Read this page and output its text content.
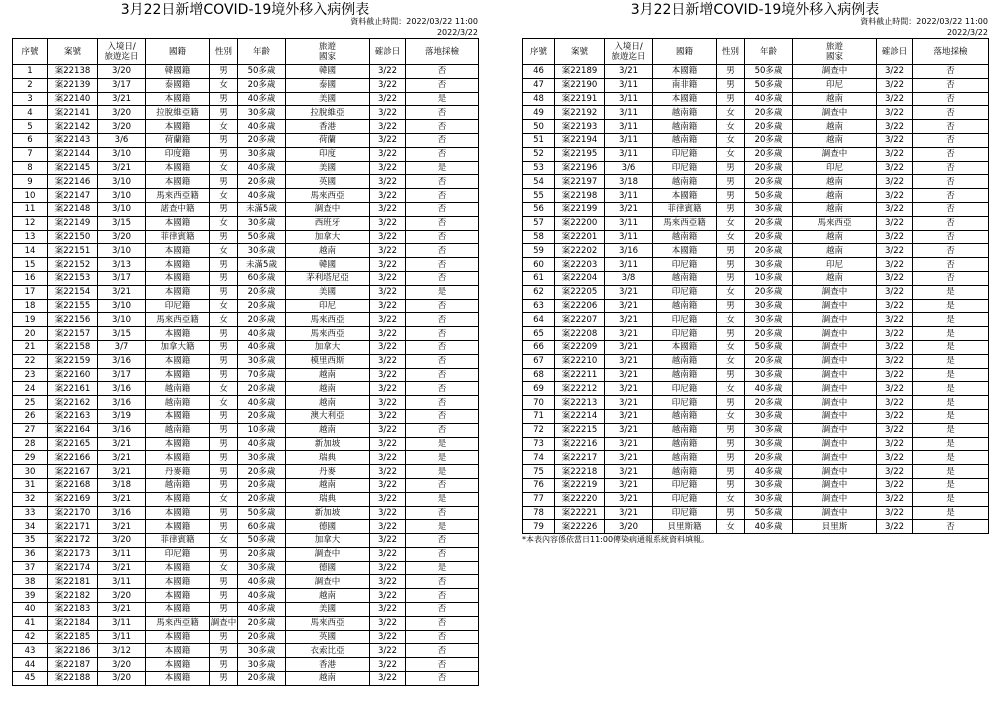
3月22日新增COVID-19境外移入病例表
資料截止時間：2022/03/22 11:00
2022/3/22
序號	案號	入境日/
旅遊迄日	國籍	性別	年齡	旅遊
國家	確診日	落地採檢
1	案22138	3/20	韓國籍	男	50多歲	韓國	3/22	否
2	案22139	3/17	泰國籍	女	20多歲	泰國	3/22	否
3	案22140	3/21	本國籍	男	40多歲	美國	3/22	是
4	案22141	3/20	拉脫維亞籍	男	30多歲	拉脫維亞	3/22	否
5	案22142	3/20	本國籍	女	40多歲	香港	3/22	否
6	案22143	3/6	荷蘭籍	男	20多歲	荷蘭	3/22	否
7	案22144	3/10	印度籍	男	30多歲	印度	3/22	否
8	案22145	3/21	本國籍	女	40多歲	美國	3/22	是
9	案22146	3/10	本國籍	男	20多歲	英國	3/22	否
10	案22147	3/10	馬來西亞籍	女	40多歲	馬來西亞	3/22	否
11	案22148	3/10	諾查中籍	男	未滿5歲	調查中	3/22	否
12	案22149	3/15	本國籍	女	30多歲	西班牙	3/22	否
13	案22150	3/20	菲律賓籍	男	50多歲	加拿大	3/22	否
14	案22151	3/10	本國籍	女	30多歲	越南	3/22	否
15	案22152	3/13	本國籍	男	未滿5歲	韓國	3/22	否
16	案22153	3/17	本國籍	男	60多歲	茅利塔尼亞	3/22	否
17	案22154	3/21	本國籍	男	20多歲	美國	3/22	是
18	案22155	3/10	印尼籍	女	20多歲	印尼	3/22	否
19	案22156	3/10	馬來西亞籍	女	20多歲	馬來西亞	3/22	否
20	案22157	3/15	本國籍	男	40多歲	馬來西亞	3/22	否
21	案22158	3/7	加拿大籍	男	40多歲	加拿大	3/22	否
22	案22159	3/16	本國籍	男	30多歲	模里西斯	3/22	否
23	案22160	3/17	本國籍	男	70多歲	越南	3/22	否
24	案22161	3/16	越南籍	女	20多歲	越南	3/22	否
25	案22162	3/16	越南籍	女	40多歲	越南	3/22	否
26	案22163	3/19	本國籍	男	20多歲	澳大利亞	3/22	否
27	案22164	3/16	越南籍	男	10多歲	越南	3/22	否
28	案22165	3/21	本國籍	男	40多歲	新加坡	3/22	是
29	案22166	3/21	本國籍	男	30多歲	瑞典	3/22	是
30	案22167	3/21	丹麥籍	男	20多歲	丹麥	3/22	是
31	案22168	3/18	越南籍	男	20多歲	越南	3/22	否
32	案22169	3/21	本國籍	女	20多歲	瑞典	3/22	是
33	案22170	3/16	本國籍	男	50多歲	新加坡	3/22	否
34	案22171	3/21	本國籍	男	60多歲	德國	3/22	是
35	案22172	3/20	菲律賓籍	女	50多歲	加拿大	3/22	否
36	案22173	3/11	印尼籍	男	20多歲	調查中	3/22	否
37	案22174	3/21	本國籍	女	30多歲	德國	3/22	是
38	案22181	3/11	本國籍	男	40多歲	調查中	3/22	否
39	案22182	3/20	本國籍	男	40多歲	越南	3/22	否
40	案22183	3/21	本國籍	男	40多歲	美國	3/22	否
41	案22184	3/11	馬來西亞籍	調查中	20多歲	馬來西亞	3/22	否
42	案22185	3/11	本國籍	男	20多歲	英國	3/22	否
43	案22186	3/12	本國籍	男	30多歲	衣索比亞	3/22	否
44	案22187	3/20	本國籍	男	30多歲	香港	3/22	否
45	案22188	3/20	本國籍	男	20多歲	越南	3/22	否
3月22日新增COVID-19境外移入病例表
資料截止時間：2022/03/22 11:00
2022/3/22
序號	案號	入境日/
旅遊迄日	國籍	性別	年齡	旅遊
國家	確診日	落地採檢
46	案22189	3/21	本國籍	男	50多歲	調查中	3/22	否
47	案22190	3/11	南非籍	男	50多歲	印尼	3/22	否
48	案22191	3/11	本國籍	男	40多歲	越南	3/22	否
49	案22192	3/11	越南籍	女	20多歲	調查中	3/22	否
50	案22193	3/11	越南籍	女	20多歲	越南	3/22	否
51	案22194	3/11	越南籍	女	20多歲	越南	3/22	否
52	案22195	3/11	印尼籍	女	20多歲	調查中	3/22	否
53	案22196	3/6	印尼籍	男	20多歲	印尼	3/22	否
54	案22197	3/18	越南籍	男	20多歲	越南	3/22	否
55	案22198	3/11	本國籍	男	50多歲	越南	3/22	否
56	案22199	3/21	菲律賓籍	男	30多歲	越南	3/22	否
57	案22200	3/11	馬來西亞籍	女	20多歲	馬來西亞	3/22	否
58	案22201	3/11	越南籍	女	20多歲	越南	3/22	否
59	案22202	3/16	本國籍	男	20多歲	越南	3/22	否
60	案22203	3/11	印尼籍	男	30多歲	印尼	3/22	否
61	案22204	3/8	越南籍	男	10多歲	越南	3/22	否
62	案22205	3/21	印尼籍	女	20多歲	調查中	3/22	是
63	案22206	3/21	越南籍	男	30多歲	調查中	3/22	是
64	案22207	3/21	印尼籍	女	30多歲	調查中	3/22	是
65	案22208	3/21	印尼籍	男	20多歲	調查中	3/22	是
66	案22209	3/21	本國籍	女	50多歲	調查中	3/22	是
67	案22210	3/21	越南籍	女	20多歲	調查中	3/22	是
68	案22211	3/21	越南籍	男	30多歲	調查中	3/22	是
69	案22212	3/21	印尼籍	女	40多歲	調查中	3/22	是
70	案22213	3/21	印尼籍	男	20多歲	調查中	3/22	是
71	案22214	3/21	越南籍	女	30多歲	調查中	3/22	是
72	案22215	3/21	越南籍	男	30多歲	調查中	3/22	是
73	案22216	3/21	越南籍	男	30多歲	調查中	3/22	是
74	案22217	3/21	越南籍	男	20多歲	調查中	3/22	是
75	案22218	3/21	越南籍	男	40多歲	調查中	3/22	是
76	案22219	3/21	印尼籍	男	30多歲	調查中	3/22	是
77	案22220	3/21	印尼籍	女	30多歲	調查中	3/22	是
78	案22221	3/21	印尼籍	男	50多歲	調查中	3/22	是
79	案22226	3/20	貝里斯籍	女	40多歲	貝里斯	3/22	否
*本表內容係依當日11:00傳染病通報系統資料填報。
